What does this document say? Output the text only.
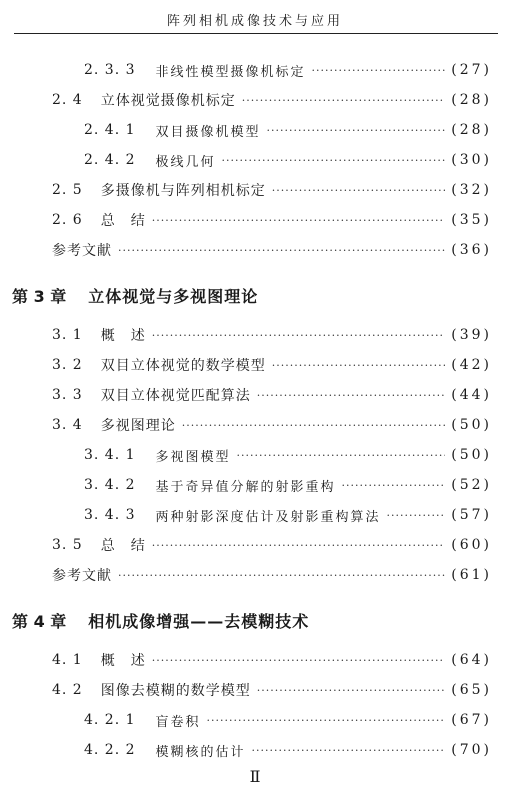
阵列相机成像技术与应用
2. 3. 3 非线性模型摄像机标定 ·····	(27)
2. 4 立体视觉摄像机标定 ·····	(28)
2. 4. 1 双目摄像机模型 ·····	(28)
2. 4. 2 极线几何 ·····	(30)
2. 5 多摄像机与阵列相机标定 ·····	(32)
2. 6 总　结 ·····	(35)
参考文献 ·····	(36)
第 3 章 立体视觉与多视图理论
3. 1 概　述 ·····	(39)
3. 2 双目立体视觉的数学模型 ·····	(42)
3. 3 双目立体视觉匹配算法 ·····	(44)
3. 4 多视图理论 ·····	(50)
3. 4. 1 多视图模型 ·····	(50)
3. 4. 2 基于奇异值分解的射影重构 ·····	(52)
3. 4. 3 两种射影深度估计及射影重构算法 ·····	(57)
3. 5 总　结 ·····	(60)
参考文献 ·····	(61)
第 4 章 相机成像增强——去模糊技术
4. 1 概　述 ·····	(64)
4. 2 图像去模糊的数学模型 ·····	(65)
4. 2. 1 盲卷积 ·····	(67)
4. 2. 2 模糊核的估计 ·····	(70)
Ⅱ
